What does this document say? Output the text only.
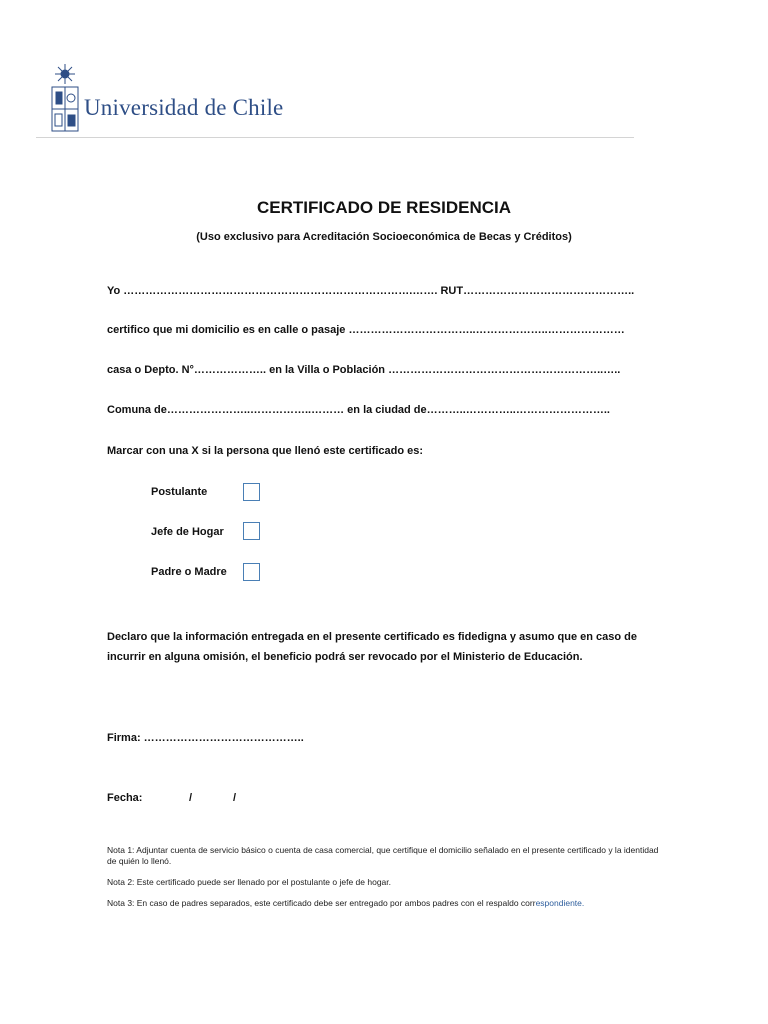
Universidad de Chile
CERTIFICADO DE RESIDENCIA
(Uso exclusivo para Acreditación Socioeconómica de Becas y Créditos)
Yo …………………………………………………………………….……. RUT………………………………………..
certifico que mi domicilio es en calle o pasaje ……………………………..………………..…………………
casa o Depto. N°……………….. en la Villa o Población …………………………………………………..…..
Comuna de…………………..……………..……… en la ciudad de………..…………..……………………..
Marcar con una X si la persona que llenó este certificado es:
Postulante
Jefe de Hogar
Padre o Madre
Declaro que la información entregada en el presente certificado es fidedigna y asumo que en caso de incurrir en alguna omisión, el beneficio podrá ser revocado por el Ministerio de Educación.
Firma: ……………………………………..
Fecha:	/	/
Nota 1: Adjuntar cuenta de servicio básico o cuenta de casa comercial, que certifique el domicilio señalado en el presente certificado y la identidad de quién lo llenó.
Nota 2: Este certificado puede ser llenado por el postulante o jefe de hogar.
Nota 3: En caso de padres separados, este certificado debe ser entregado por ambos padres con el respaldo correspondiente.
